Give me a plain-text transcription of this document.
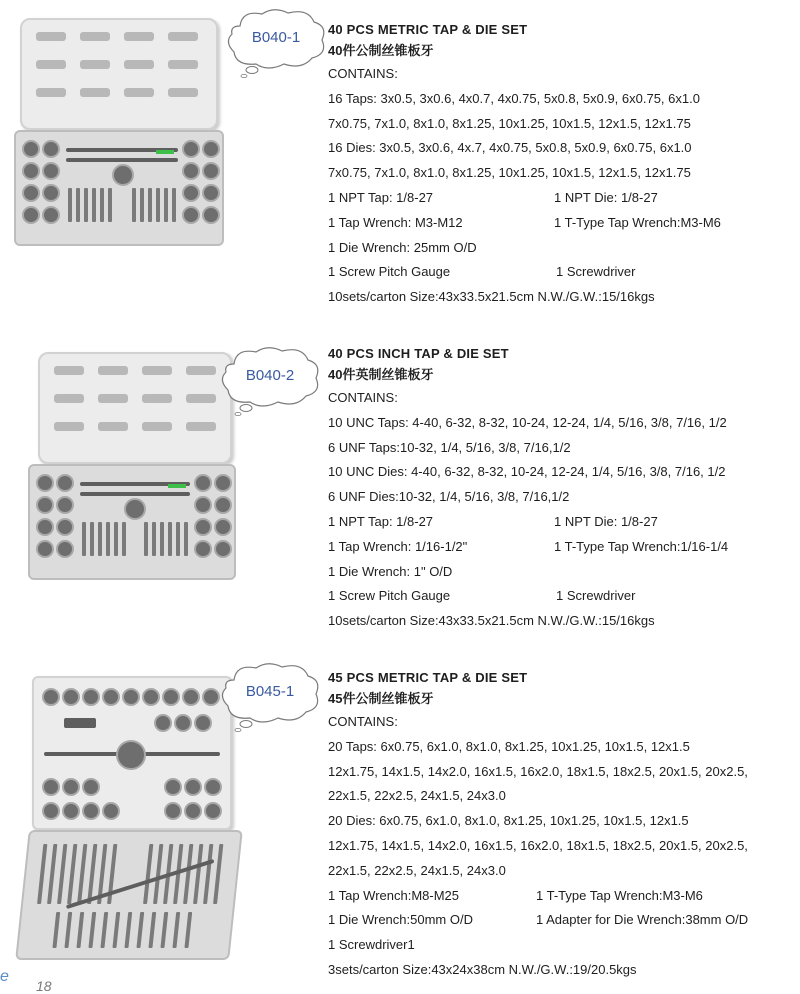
B040-1	40 PCS METRIC TAP & DIE SET
40件公制丝锥板牙
CONTAINS:
16 Taps: 3x0.5, 3x0.6, 4x0.7, 4x0.75, 5x0.8, 5x0.9, 6x0.75, 6x1.0
7x0.75, 7x1.0, 8x1.0, 8x1.25, 10x1.25, 10x1.5, 12x1.5, 12x1.75
16 Dies: 3x0.5, 3x0.6, 4x.7, 4x0.75, 5x0.8, 5x0.9, 6x0.75, 6x1.0
7x0.75, 7x1.0, 8x1.0, 8x1.25, 10x1.25, 10x1.5, 12x1.5, 12x1.75
1 NPT Tap: 1/8-27	1 NPT Die: 1/8-27
1 Tap Wrench: M3-M12	1 T-Type Tap Wrench:M3-M6
1 Die Wrench: 25mm O/D
1 Screw Pitch Gauge	1 Screwdriver
10sets/carton Size:43x33.5x21.5cm N.W./G.W.:15/16kgs
B040-2
40 PCS INCH TAP & DIE SET
40件英制丝锥板牙
CONTAINS:
10 UNC Taps: 4-40, 6-32, 8-32, 10-24, 12-24, 1/4, 5/16, 3/8, 7/16, 1/2
6 UNF Taps:10-32, 1/4, 5/16, 3/8, 7/16,1/2
10 UNC Dies: 4-40, 6-32, 8-32, 10-24, 12-24, 1/4, 5/16, 3/8, 7/16, 1/2
6 UNF Dies:10-32, 1/4, 5/16, 3/8, 7/16,1/2
1 NPT Tap: 1/8-27	1 NPT Die: 1/8-27
1 Tap Wrench: 1/16-1/2"	1 T-Type Tap Wrench:1/16-1/4
1 Die Wrench: 1" O/D
1 Screw Pitch Gauge	1 Screwdriver
10sets/carton Size:43x33.5x21.5cm N.W./G.W.:15/16kgs
B045-1
45 PCS METRIC TAP & DIE SET
45件公制丝锥板牙
CONTAINS:
20 Taps: 6x0.75, 6x1.0, 8x1.0, 8x1.25, 10x1.25, 10x1.5, 12x1.5
12x1.75, 14x1.5, 14x2.0, 16x1.5, 16x2.0, 18x1.5, 18x2.5, 20x1.5, 20x2.5,
22x1.5, 22x2.5, 24x1.5, 24x3.0
20 Dies: 6x0.75, 6x1.0, 8x1.0, 8x1.25, 10x1.25, 10x1.5, 12x1.5
12x1.75, 14x1.5, 14x2.0, 16x1.5, 16x2.0, 18x1.5, 18x2.5, 20x1.5, 20x2.5,
22x1.5, 22x2.5, 24x1.5, 24x3.0
1 Tap Wrench:M8-M25	1 T-Type Tap Wrench:M3-M6
1 Die Wrench:50mm O/D	1 Adapter for Die Wrench:38mm O/D
1 Screwdriver1
3sets/carton Size:43x24x38cm N.W./G.W.:19/20.5kgs
e
18
